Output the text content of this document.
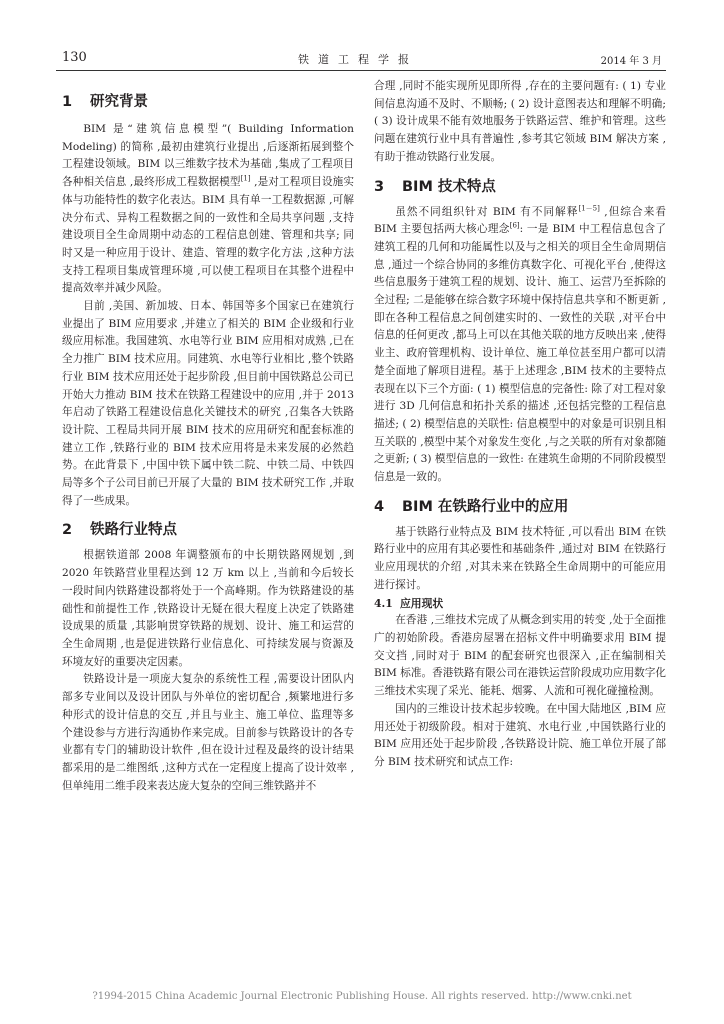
130	铁道工程学报	2014 年 3 月
1 研究背景

BIM 是“建筑信息模型”( Building Information Modeling) 的简称 ,最初由建筑行业提出 ,后逐渐拓展到整个工程建设领域。BIM 以三维数字技术为基础 ,集成了工程项目各种相关信息 ,最终形成工程数据模型[1] ,是对工程项目设施实体与功能特性的数字化表达。BIM 具有单一工程数据源 ,可解决分布式、异构工程数据之间的一致性和全局共享问题 ,支持建设项目全生命周期中动态的工程信息创建、管理和共享; 同时又是一种应用于设计、建造、管理的数字化方法 ,这种方法支持工程项目集成管理环境 ,可以使工程项目在其整个进程中提高效率并减少风险。

目前 ,美国、新加坡、日本、韩国等多个国家已在建筑行业提出了 BIM 应用要求 ,并建立了相关的 BIM 企业级和行业级应用标准。我国建筑、水电等行业 BIM 应用相对成熟 ,已在全力推广 BIM 技术应用。同建筑、水电等行业相比 ,整个铁路行业 BIM 技术应用还处于起步阶段 ,但目前中国铁路总公司已开始大力推动 BIM 技术在铁路工程建设中的应用 ,并于 2013 年启动了铁路工程建设信息化关键技术的研究 ,召集各大铁路设计院、工程局共同开展 BIM 技术的应用研究和配套标准的建立工作 ,铁路行业的 BIM 技术应用将是未来发展的必然趋势。在此背景下 ,中国中铁下属中铁二院、中铁二局、中铁四局等多个子公司目前已开展了大量的 BIM 技术研究工作 ,并取得了一些成果。

2 铁路行业特点

根据铁道部 2008 年调整颁布的中长期铁路网规划 ,到 2020 年铁路营业里程达到 12 万 km 以上 ,当前和今后较长一段时间内铁路建设都将处于一个高峰期。作为铁路建设的基础性和前提性工作 ,铁路设计无疑在很大程度上决定了铁路建设成果的质量 ,其影响贯穿铁路的规划、设计、施工和运营的全生命周期 ,也是促进铁路行业信息化、可持续发展与资源及环境友好的重要决定因素。

铁路设计是一项庞大复杂的系统性工程 ,需要设计团队内部多专业间以及设计团队与外单位的密切配合 ,频繁地进行多种形式的设计信息的交互 ,并且与业主、施工单位、监理等多个建设参与方进行沟通协作来完成。目前参与铁路设计的各专业都有专门的辅助设计软件 ,但在设计过程及最终的设计结果都采用的是二维图纸 ,这种方式在一定程度上提高了设计效率 ,但单纯用二维手段来表达庞大复杂的空间三维铁路并不

合理 ,同时不能实现所见即所得 ,存在的主要问题有: ( 1) 专业间信息沟通不及时、不顺畅; ( 2) 设计意图表达和理解不明确; ( 3) 设计成果不能有效地服务于铁路运营、维护和管理。这些问题在建筑行业中具有普遍性 ,参考其它领域 BIM 解决方案 ,有助于推动铁路行业发展。

3 BIM 技术特点

虽然不同组织针对 BIM 有不同解释[1－5] ,但综合来看 BIM 主要包括两大核心理念[6]: 一是 BIM 中工程信息包含了建筑工程的几何和功能属性以及与之相关的项目全生命周期信息 ,通过一个综合协同的多维仿真数字化、可视化平台 ,使得这些信息服务于建筑工程的规划、设计、施工、运营乃至拆除的全过程; 二是能够在综合数字环境中保持信息共享和不断更新 ,即在各种工程信息之间创建实时的、一致性的关联 ,对平台中信息的任何更改 ,都马上可以在其他关联的地方反映出来 ,使得业主、政府管理机构、设计单位、施工单位甚至用户都可以清楚全面地了解项目进程。基于上述理念 ,BIM 技术的主要特点表现在以下三个方面: ( 1) 模型信息的完备性: 除了对工程对象进行 3D 几何信息和拓扑关系的描述 ,还包括完整的工程信息描述; ( 2) 模型信息的关联性: 信息模型中的对象是可识别且相互关联的 ,模型中某个对象发生变化 ,与之关联的所有对象都随之更新; ( 3) 模型信息的一致性: 在建筑生命期的不同阶段模型信息是一致的。

4 BIM 在铁路行业中的应用

基于铁路行业特点及 BIM 技术特征 ,可以看出 BIM 在铁路行业中的应用有其必要性和基础条件 ,通过对 BIM 在铁路行业应用现状的介绍 ,对其未来在铁路全生命周期中的可能应用进行探讨。

4.1 应用现状

在香港 ,三维技术完成了从概念到实用的转变 ,处于全面推广的初始阶段。香港房屋署在招标文件中明确要求用 BIM 提交文挡 ,同时对于 BIM 的配套研究也很深入 ,正在编制相关 BIM 标准。香港铁路有限公司在港铁运营阶段成功应用数字化三维技术实现了采光、能耗、烟雾、人流和可视化碰撞检测。

国内的三维设计技术起步较晚。在中国大陆地区 ,BIM 应用还处于初级阶段。相对于建筑、水电行业 ,中国铁路行业的 BIM 应用还处于起步阶段 ,各铁路设计院、施工单位开展了部分 BIM 技术研究和试点工作:

?1994-2015 China Academic Journal Electronic Publishing House. All rights reserved. http://www.cnki.net
